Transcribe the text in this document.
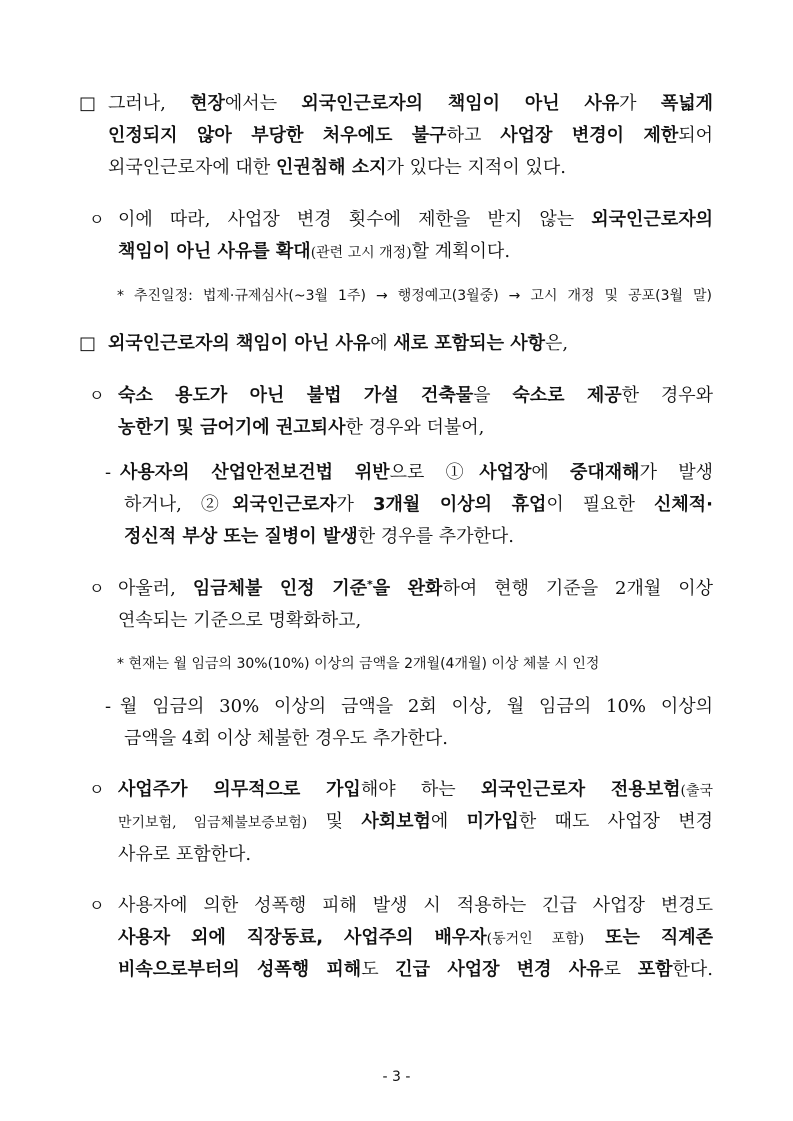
□ 그러나, 현장에서는 외국인근로자의 책임이 아닌 사유가 폭넓게
인정되지 않아 부당한 처우에도 불구하고 사업장 변경이 제한되어
외국인근로자에 대한 인권침해 소지가 있다는 지적이 있다.
ㅇ 이에 따라, 사업장 변경 횟수에 제한을 받지 않는 외국인근로자의
책임이 아닌 사유를 확대(관련 고시 개정)할 계획이다.
* 추진일정: 법제·규제심사(~3월 1주) → 행정예고(3월중) → 고시 개정 및 공포(3월 말)
□ 외국인근로자의 책임이 아닌 사유에 새로 포함되는 사항은,
ㅇ 숙소 용도가 아닌 불법 가설 건축물을 숙소로 제공한 경우와
농한기 및 금어기에 권고퇴사한 경우와 더불어,
- 사용자의 산업안전보건법 위반으로 ①사업장에 중대재해가 발생
하거나, ②외국인근로자가 3개월 이상의 휴업이 필요한 신체적·
정신적 부상 또는 질병이 발생한 경우를 추가한다.
ㅇ 아울러, 임금체불 인정 기준*을 완화하여 현행 기준을 2개월 이상
연속되는 기준으로 명확화하고,
* 현재는 월 임금의 30%(10%) 이상의 금액을 2개월(4개월) 이상 체불 시 인정
- 월 임금의 30% 이상의 금액을 2회 이상, 월 임금의 10% 이상의
금액을 4회 이상 체불한 경우도 추가한다.
ㅇ 사업주가 의무적으로 가입해야 하는 외국인근로자 전용보험(출국
만기보험, 임금체불보증보험) 및 사회보험에 미가입한 때도 사업장 변경
사유로 포함한다.
ㅇ 사용자에 의한 성폭행 피해 발생 시 적용하는 긴급 사업장 변경도
사용자 외에 직장동료, 사업주의 배우자(동거인 포함) 또는 직계존
비속으로부터의 성폭행 피해도 긴급 사업장 변경 사유로 포함한다.
- 3 -
